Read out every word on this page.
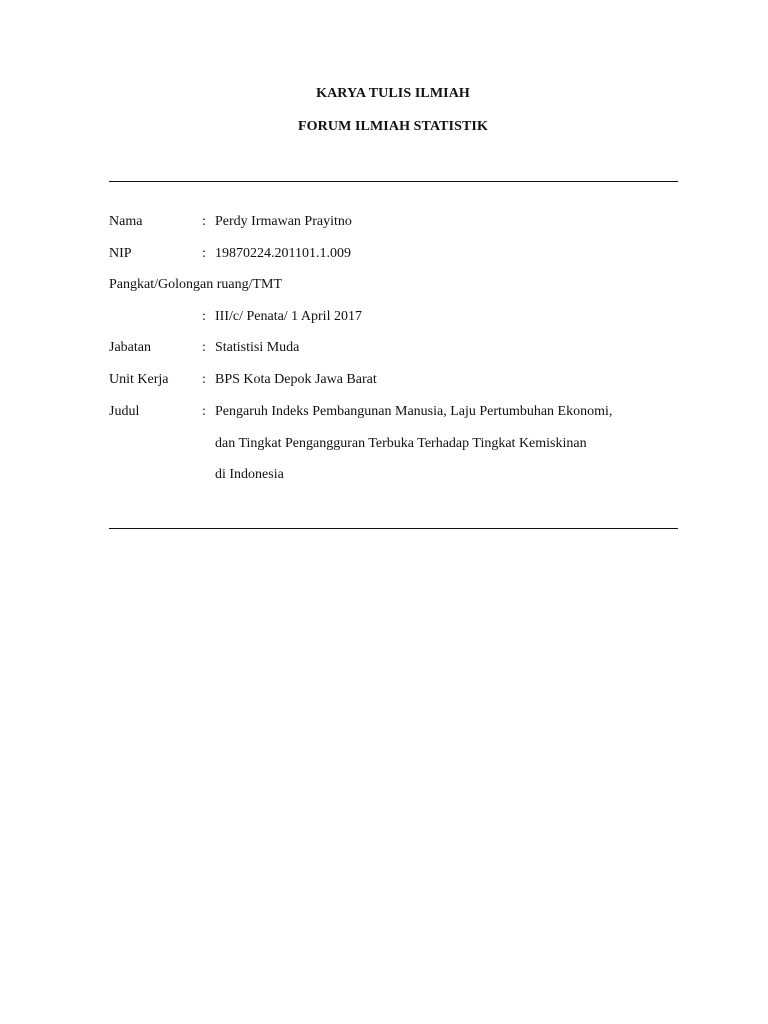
KARYA TULIS ILMIAH
FORUM ILMIAH STATISTIK
Nama	: Perdy Irmawan Prayitno
NIP	: 19870224.201101.1.009
Pangkat/Golongan ruang/TMT
: III/c/ Penata/ 1 April 2017
Jabatan	: Statistisi Muda
Unit Kerja : BPS Kota Depok Jawa Barat
Judul	: Pengaruh Indeks Pembangunan Manusia, Laju Pertumbuhan Ekonomi,
dan Tingkat Pengangguran Terbuka Terhadap Tingkat Kemiskinan
di Indonesia
